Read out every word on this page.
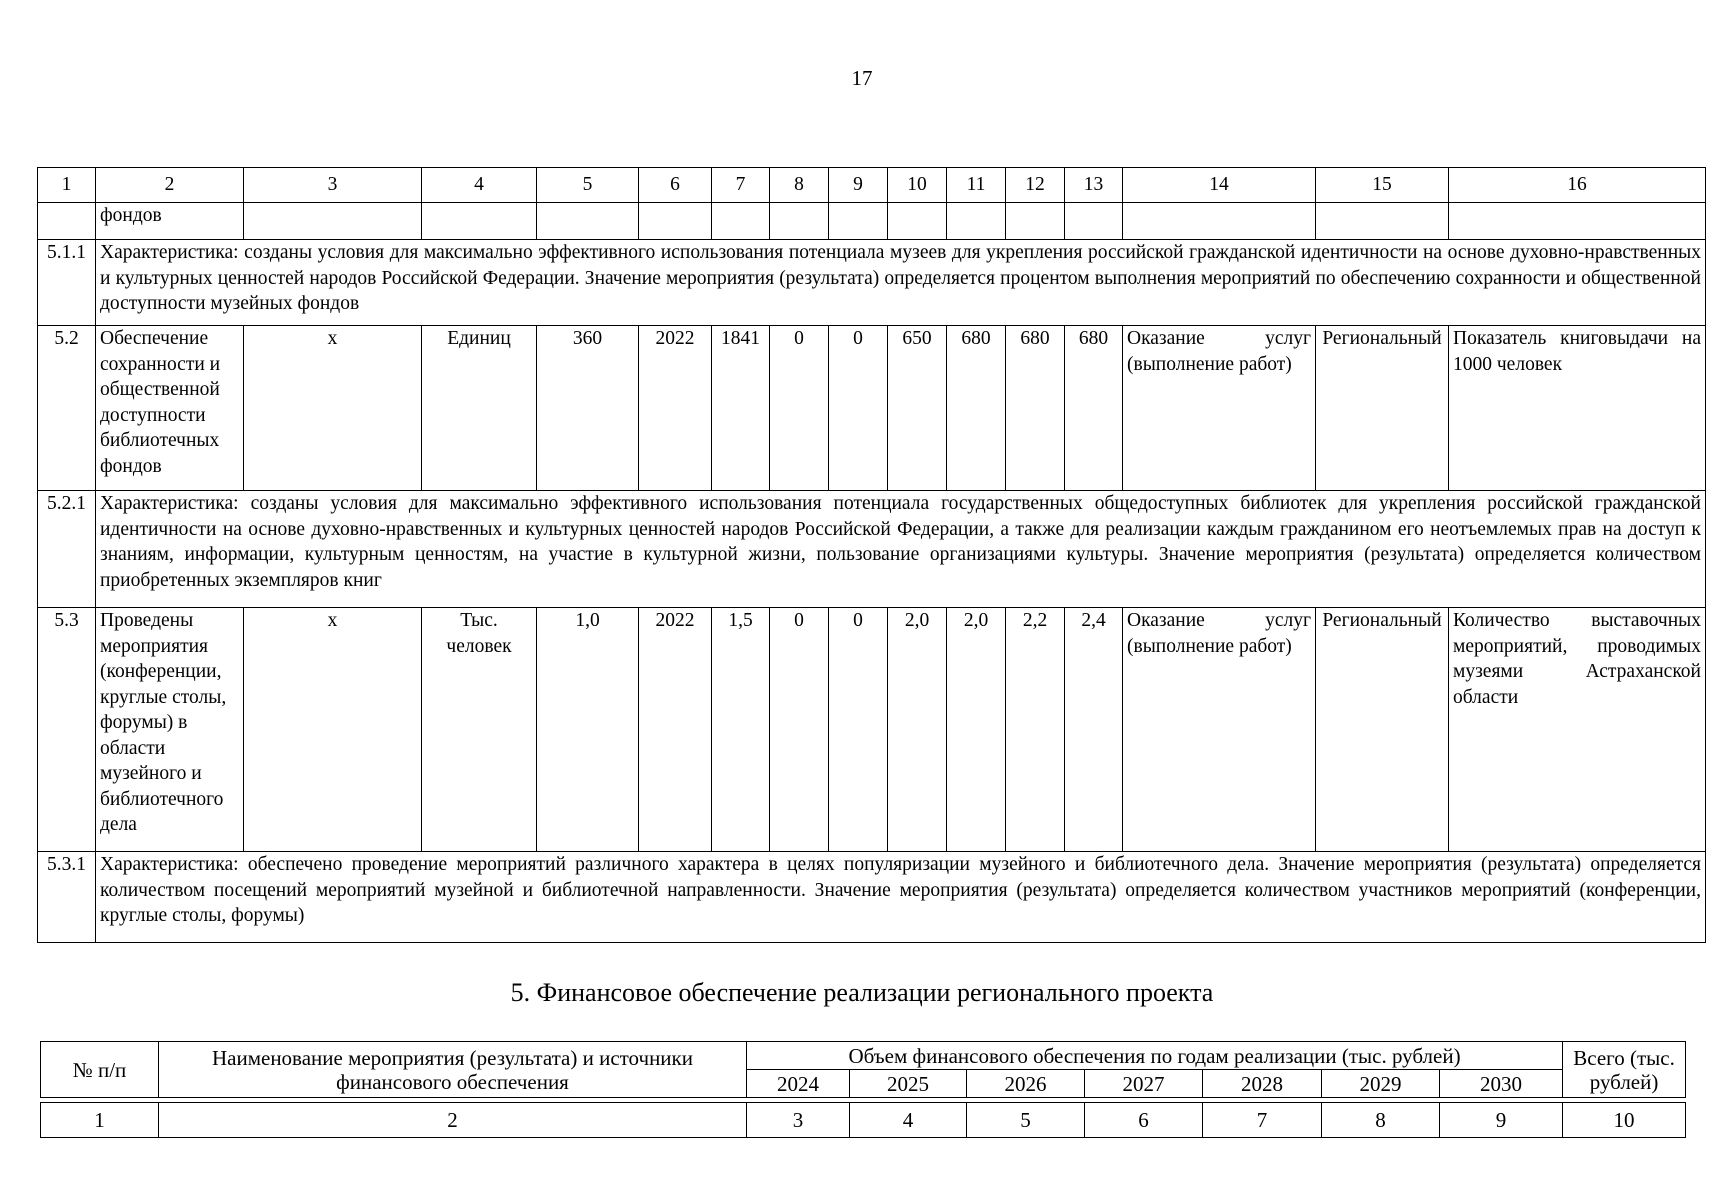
17
1	2	3	4	5	6	7	8	9	10	11	12	13	14	15	16
	фондов														
5.1.1	Характеристика: созданы условия для максимально эффективного использования потенциала музеев для укрепления российской гражданской идентичности на основе духовно-нравственных и культурных ценностей народов Российской Федерации. Значение мероприятия (результата) определяется процентом выполнения мероприятий по обеспечению сохранности и общественной доступности музейных фондов														
5.2	Обеспечение сохранности и общественной доступности библиотечных фондов	x	Единиц	360	2022	1841	0	0	650	680	680	680	Оказание услуг (выполнение работ)	Региональный	Показатель книговыдачи на 1000 человек
5.2.1	Характеристика: созданы условия для максимально эффективного использования потенциала государственных общедоступных библиотек для укрепления российской гражданской идентичности на основе духовно-нравственных и культурных ценностей народов Российской Федерации, а также для реализации каждым гражданином его неотъемлемых прав на доступ к знаниям, информации, культурным ценностям, на участие в культурной жизни, пользование организациями культуры. Значение мероприятия (результата) определяется количеством приобретенных экземпляров книг														
5.3	Проведены мероприятия (конференции, круглые столы, форумы) в области музейного и библиотечного дела	x	Тыс. человек	1,0	2022	1,5	0	0	2,0	2,0	2,2	2,4	Оказание услуг (выполнение работ)	Региональный	Количество выставочных мероприятий, проводимых музеями Астраханской области
5.3.1	Характеристика: обеспечено проведение мероприятий различного характера в целях популяризации музейного и библиотечного дела. Значение мероприятия (результата) определяется количеством посещений мероприятий музейной и библиотечной направленности. Значение мероприятия (результата) определяется количеством участников мероприятий (конференции, круглые столы, форумы)														
5. Финансовое обеспечение реализации регионального проекта
№ п/п	Наименование мероприятия (результата) и источники финансового обеспечения	Объем финансового обеспечения по годам реализации (тыс. рублей)							Всего (тыс. рублей)
		2024	2025	2026	2027	2028	2029	2030	

1	2	3	4	5	6	7	8	9	10
